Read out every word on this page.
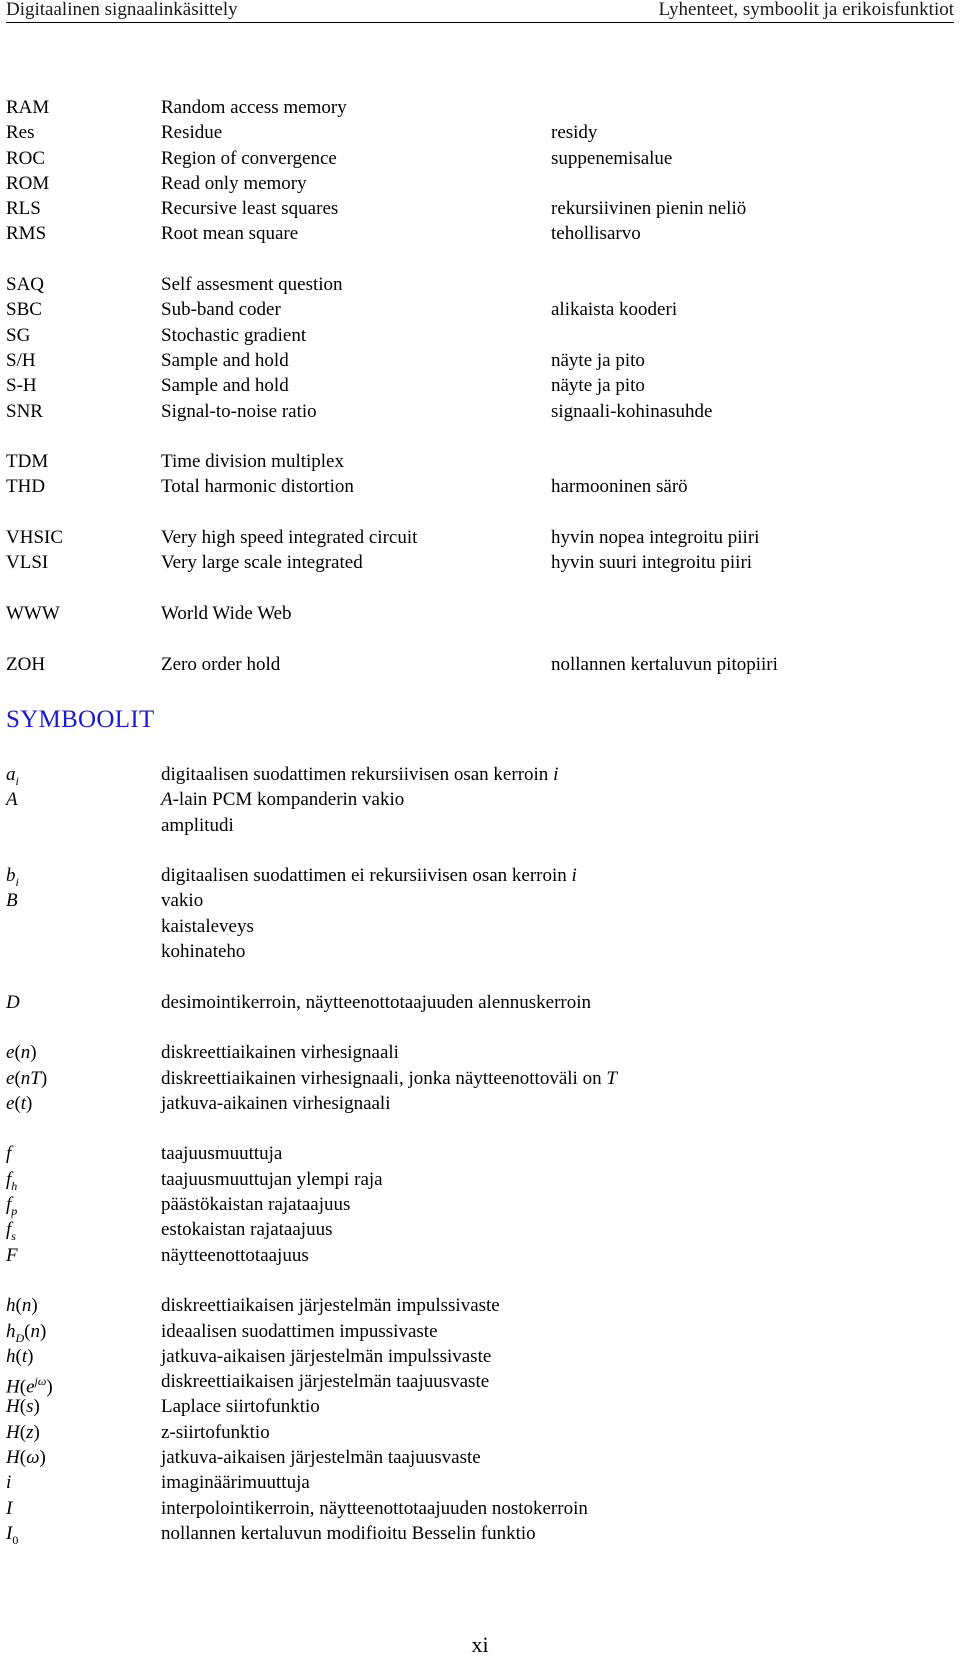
Digitaalinen signaalinkäsittely	Lyhenteet, symboolit ja erikoisfunktiot
RAM	Random access memory
Res	Residue	residy
ROC	Region of convergence	suppenemisalue
ROM	Read only memory
RLS	Recursive least squares	rekursiivinen pienin neliö
RMS	Root mean square	tehollisarvo
SAQ	Self assesment question
SBC	Sub-band coder	alikaista kooderi
SG	Stochastic gradient
S/H	Sample and hold	näyte ja pito
S-H	Sample and hold	näyte ja pito
SNR	Signal-to-noise ratio	signaali-kohinasuhde
TDM	Time division multiplex
THD	Total harmonic distortion	harmooninen särö
VHSIC	Very high speed integrated circuit	hyvin nopea integroitu piiri
VLSI	Very large scale integrated	hyvin suuri integroitu piiri
WWW	World Wide Web
ZOH	Zero order hold	nollannen kertaluvun pitopiiri
SYMBOOLIT
$a_i$	digitaalisen suodattimen rekursiivisen osan kerroin i
A	A-lain PCM kompanderin vakio
amplitudi
$b_i$	digitaalisen suodattimen ei rekursiivisen osan kerroin i
B	vakio
kaistaleveys
kohinateho
D	desimointikerroin, näytteenottotaajuuden alennuskerroin
e(n)	diskreettiaikainen virhesignaali
e(nT)	diskreettiaikainen virhesignaali, jonka näytteenottoväli on T
e(t)	jatkuva-aikainen virhesignaali
f	taajuusmuuttuja
$f_h$	taajuusmuuttujan ylempi raja
$f_p$	päästökaistan rajataajuus
$f_s$	estokaistan rajataajuus
F	näytteenottotaajuus
h(n)	diskreettiaikaisen järjestelmän impulssivaste
$h_D(n)$	ideaalisen suodattimen impussivaste
h(t)	jatkuva-aikaisen järjestelmän impulssivaste
$H(e^{j\omega})$	diskreettiaikaisen järjestelmän taajuusvaste
H(s)	Laplace siirtofunktio
H(z)	z-siirtofunktio
H(ω)	jatkuva-aikaisen järjestelmän taajuusvaste
i	imaginäärimuuttuja
I	interpolointikerroin, näytteenottotaajuuden nostokerroin
$I_0$	nollannen kertaluvun modifioitu Besselin funktio
xi
